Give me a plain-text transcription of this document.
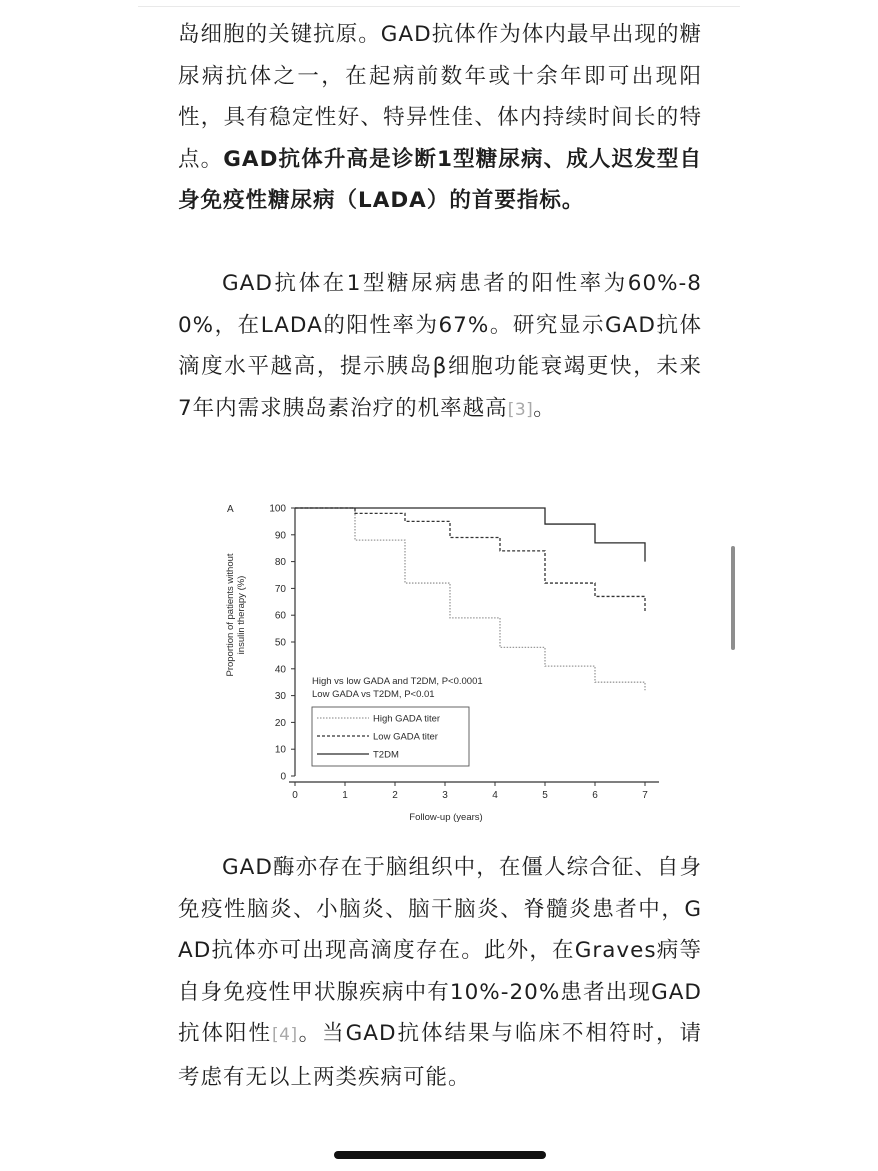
岛细胞的关键抗原。GAD抗体作为体内最早出现的糖尿病抗体之一，在起病前数年或十余年即可出现阳性，具有稳定性好、特异性佳、体内持续时间长的特点。GAD抗体升高是诊断1型糖尿病、成人迟发型自身免疫性糖尿病（LADA）的首要指标。

GAD抗体在1型糖尿病患者的阳性率为60%-80%，在LADA的阳性率为67%。研究显示GAD抗体滴度水平越高，提示胰岛β细胞功能衰竭更快，未来7年内需求胰岛素治疗的机率越高[3]。

A
Proportion of patients without insulin therapy (%)
Follow-up (years)
High vs low GADA and T2DM, P<0.0001
Low GADA vs T2DM, P<0.01
0
10
20
30
40
50
60
70
80
90
100
0	1	2	3	4	5	6	7
High GADA titer
Low GADA titer
T2DM

GAD酶亦存在于脑组织中，在僵人综合征、自身免疫性脑炎、小脑炎、脑干脑炎、脊髓炎患者中，GAD抗体亦可出现高滴度存在。此外，在Graves病等自身免疫性甲状腺疾病中有10%-20%患者出现GAD抗体阳性[4]。当GAD抗体结果与临床不相符时，请考虑有无以上两类疾病可能。
